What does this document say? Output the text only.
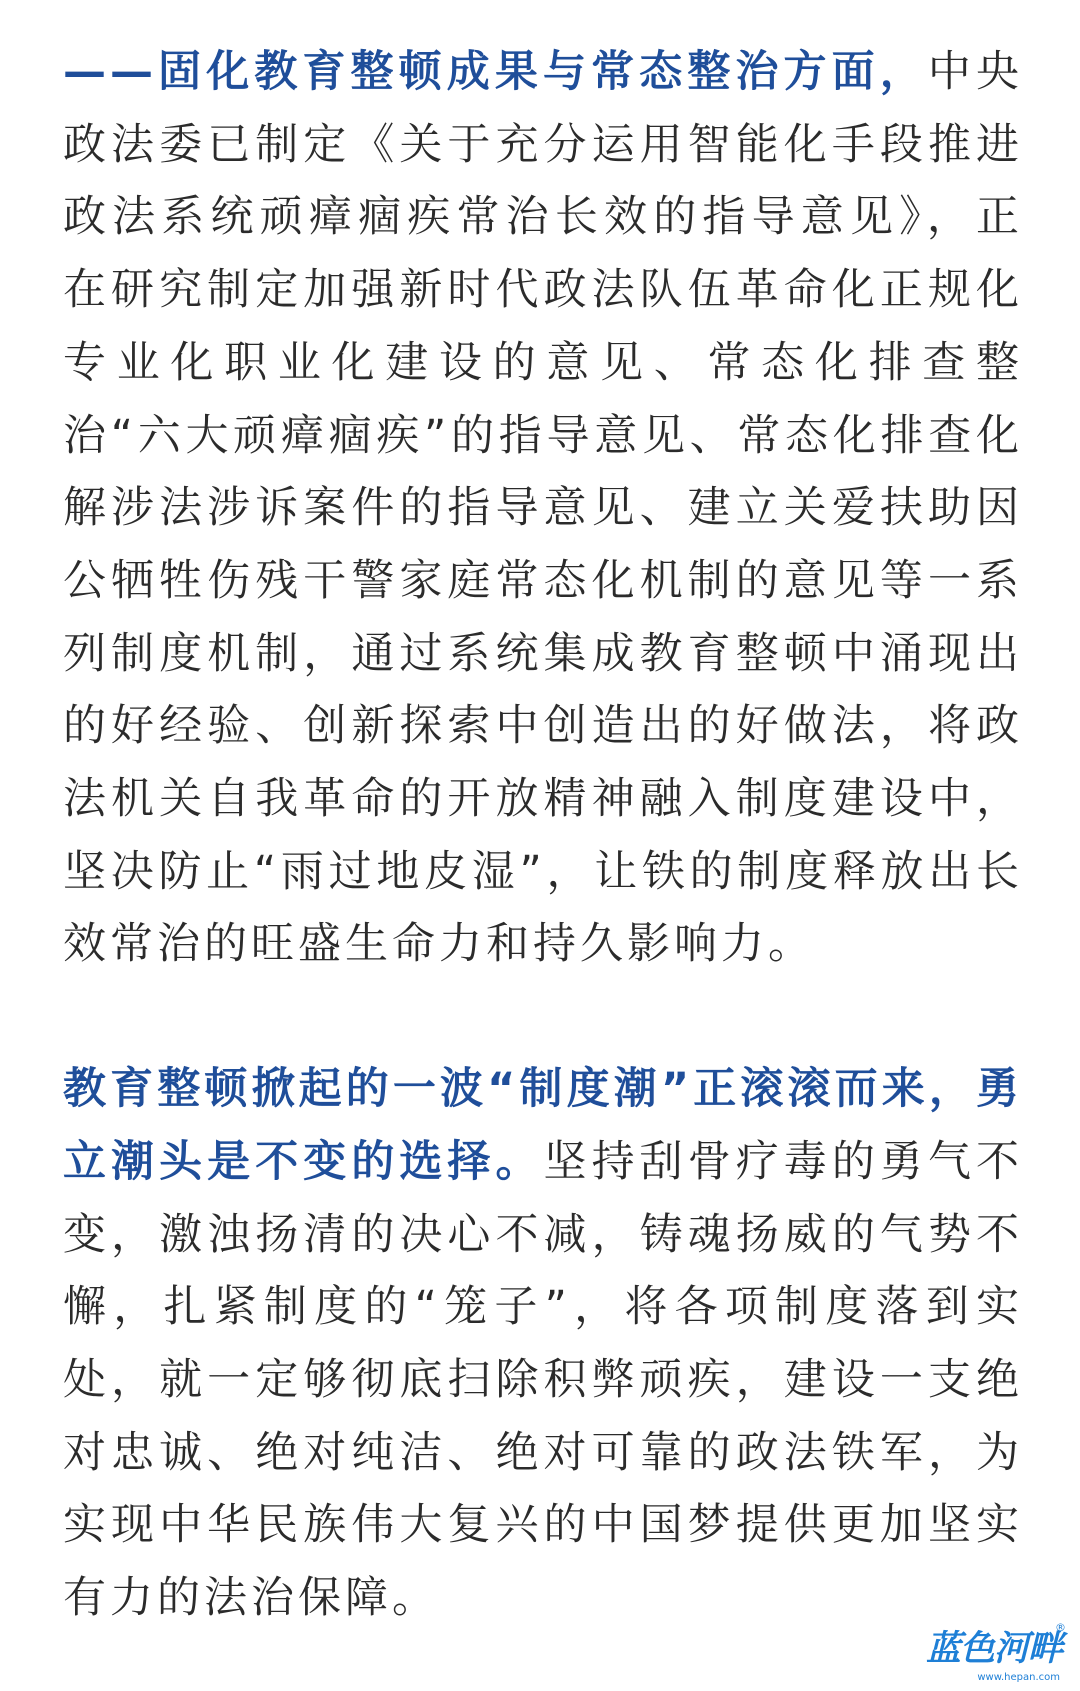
——固化教育整顿成果与常态整治方面，中央政法委已制定《关于充分运用智能化手段推进政法系统顽瘴痼疾常治长效的指导意见》，正在研究制定加强新时代政法队伍革命化正规化专业化职业化建设的意见、常态化排查整治“六大顽瘴痼疾”的指导意见、常态化排查化解涉法涉诉案件的指导意见、建立关爱扶助因公牺牲伤残干警家庭常态化机制的意见等一系列制度机制，通过系统集成教育整顿中涌现出的好经验、创新探索中创造出的好做法，将政法机关自我革命的开放精神融入制度建设中，坚决防止“雨过地皮湿”，让铁的制度释放出长效常治的旺盛生命力和持久影响力。

教育整顿掀起的一波“制度潮”正滚滚而来，勇立潮头是不变的选择。坚持刮骨疗毒的勇气不变，激浊扬清的决心不减，铸魂扬威的气势不懈，扎紧制度的“笼子”，将各项制度落到实处，就一定够彻底扫除积弊顽疾，建设一支绝对忠诚、绝对纯洁、绝对可靠的政法铁军，为实现中华民族伟大复兴的中国梦提供更加坚实有力的法治保障。

蓝色河畔
®
www.hepan.com
